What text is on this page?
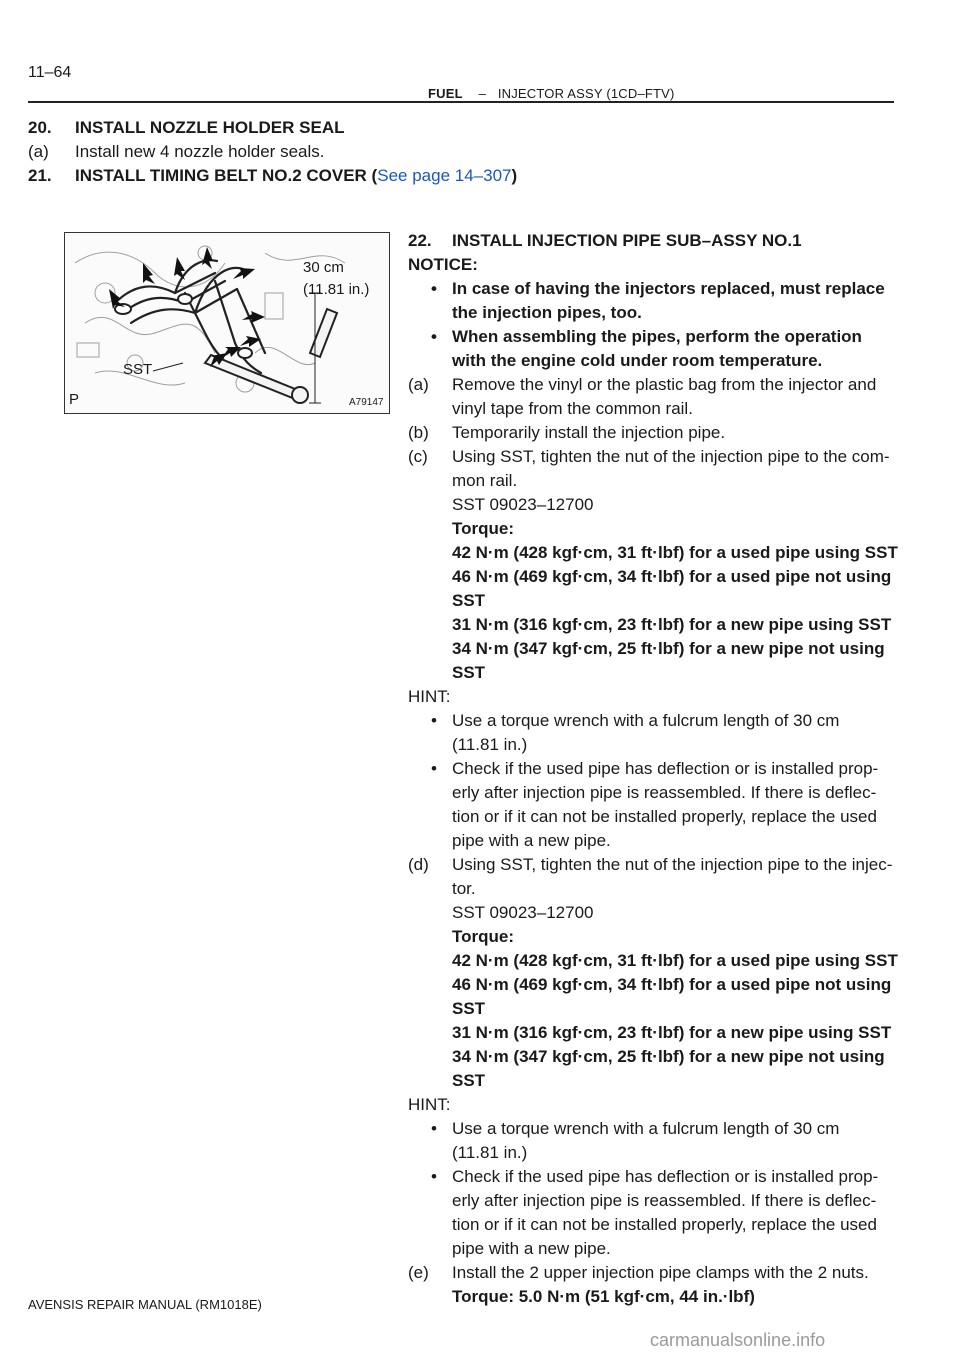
11–64
FUEL – INJECTOR ASSY (1CD–FTV)
20. INSTALL NOZZLE HOLDER SEAL
(a) Install new 4 nozzle holder seals.
21. INSTALL TIMING BELT NO.2 COVER (See page 14–307)
22. INSTALL INJECTION PIPE SUB–ASSY NO.1
30 cm
(11.81 in.)
SST
P	A79147
NOTICE:
• In case of having the injectors replaced, must replace
the injection pipes, too.
• When assembling the pipes, perform the operation
with the engine cold under room temperature.
(a) Remove the vinyl or the plastic bag from the injector and
vinyl tape from the common rail.
(b) Temporarily install the injection pipe.
(c) Using SST, tighten the nut of the injection pipe to the com-
mon rail.
SST 09023–12700
Torque:
42 N·m (428 kgf·cm, 31 ft·lbf) for a used pipe using SST
46 N·m (469 kgf·cm, 34 ft·lbf) for a used pipe not using
SST
31 N·m (316 kgf·cm, 23 ft·lbf) for a new pipe using SST
34 N·m (347 kgf·cm, 25 ft·lbf) for a new pipe not using
SST
HINT:
• Use a torque wrench with a fulcrum length of 30 cm
(11.81 in.)
• Check if the used pipe has deflection or is installed prop-
erly after injection pipe is reassembled. If there is deflec-
tion or if it can not be installed properly, replace the used
pipe with a new pipe.
(d) Using SST, tighten the nut of the injection pipe to the injec-
tor.
SST 09023–12700
Torque:
42 N·m (428 kgf·cm, 31 ft·lbf) for a used pipe using SST
46 N·m (469 kgf·cm, 34 ft·lbf) for a used pipe not using
SST
31 N·m (316 kgf·cm, 23 ft·lbf) for a new pipe using SST
34 N·m (347 kgf·cm, 25 ft·lbf) for a new pipe not using
SST
HINT:
• Use a torque wrench with a fulcrum length of 30 cm
(11.81 in.)
• Check if the used pipe has deflection or is installed prop-
erly after injection pipe is reassembled. If there is deflec-
tion or if it can not be installed properly, replace the used
pipe with a new pipe.
(e) Install the 2 upper injection pipe clamps with the 2 nuts.
Torque: 5.0 N·m (51 kgf·cm, 44 in.·lbf)
AVENSIS REPAIR MANUAL (RM1018E)
carmanualsonline.info
